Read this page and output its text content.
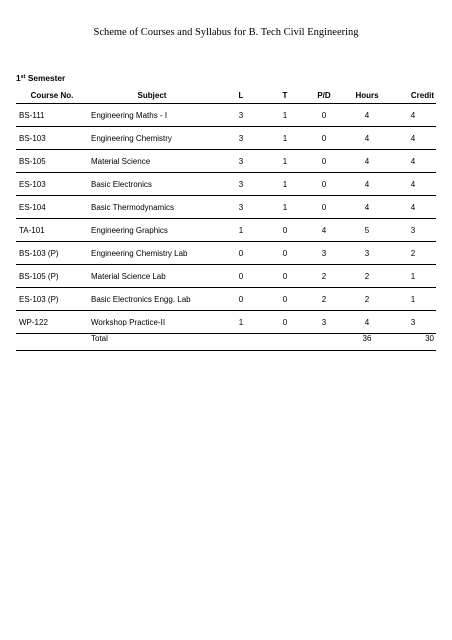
Scheme of Courses and Syllabus for B. Tech Civil Engineering
1st Semester
Course No.	Subject	L	T	P/D	Hours	Credit
BS-111	Engineering Maths - I	3	1	0	4	4
BS-103	Engineering Chemistry	3	1	0	4	4
BS-105	Material Science	3	1	0	4	4
ES-103	Basic Electronics	3	1	0	4	4
ES-104	Basic Thermodynamics	3	1	0	4	4
TA-101	Engineering Graphics	1	0	4	5	3
BS-103 (P)	Engineering Chemistry Lab	0	0	3	3	2
BS-105 (P)	Material Science Lab	0	0	2	2	1
ES-103 (P)	Basic Electronics Engg. Lab	0	0	2	2	1
WP-122	Workshop Practice-II	1	0	3	4	3
	Total				36	30
